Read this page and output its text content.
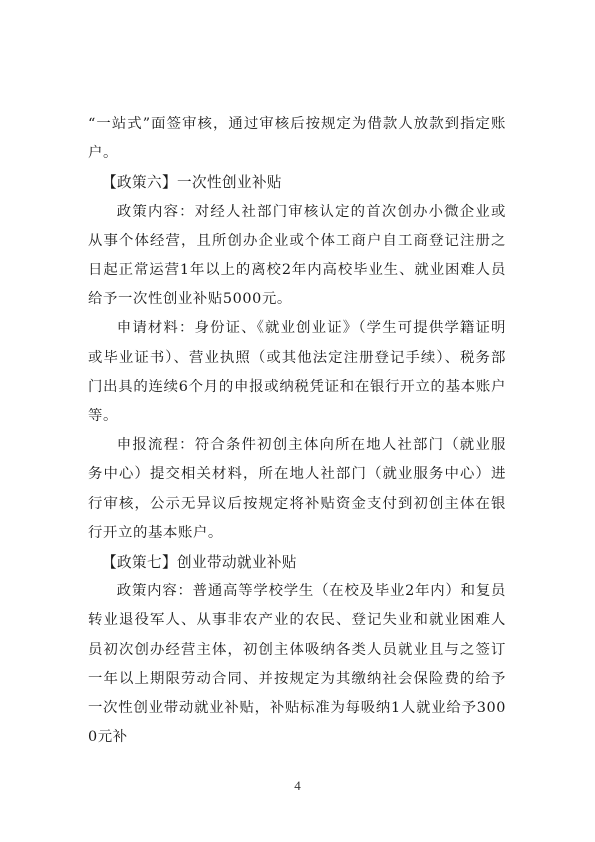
“一站式”面签审核，通过审核后按规定为借款人放款到指定账户。

【政策六】一次性创业补贴

政策内容：对经人社部门审核认定的首次创办小微企业或从事个体经营，且所创办企业或个体工商户自工商登记注册之日起正常运营1年以上的离校2年内高校毕业生、就业困难人员给予一次性创业补贴5000元。

申请材料：身份证、《就业创业证》（学生可提供学籍证明或毕业证书）、营业执照（或其他法定注册登记手续）、税务部门出具的连续6个月的申报或纳税凭证和在银行开立的基本账户等。

申报流程：符合条件初创主体向所在地人社部门（就业服务中心）提交相关材料，所在地人社部门（就业服务中心）进行审核，公示无异议后按规定将补贴资金支付到初创主体在银行开立的基本账户。

【政策七】创业带动就业补贴

政策内容：普通高等学校学生（在校及毕业2年内）和复员转业退役军人、从事非农产业的农民、登记失业和就业困难人员初次创办经营主体，初创主体吸纳各类人员就业且与之签订一年以上期限劳动合同、并按规定为其缴纳社会保险费的给予一次性创业带动就业补贴，补贴标准为每吸纳1人就业给予3000元补

4
